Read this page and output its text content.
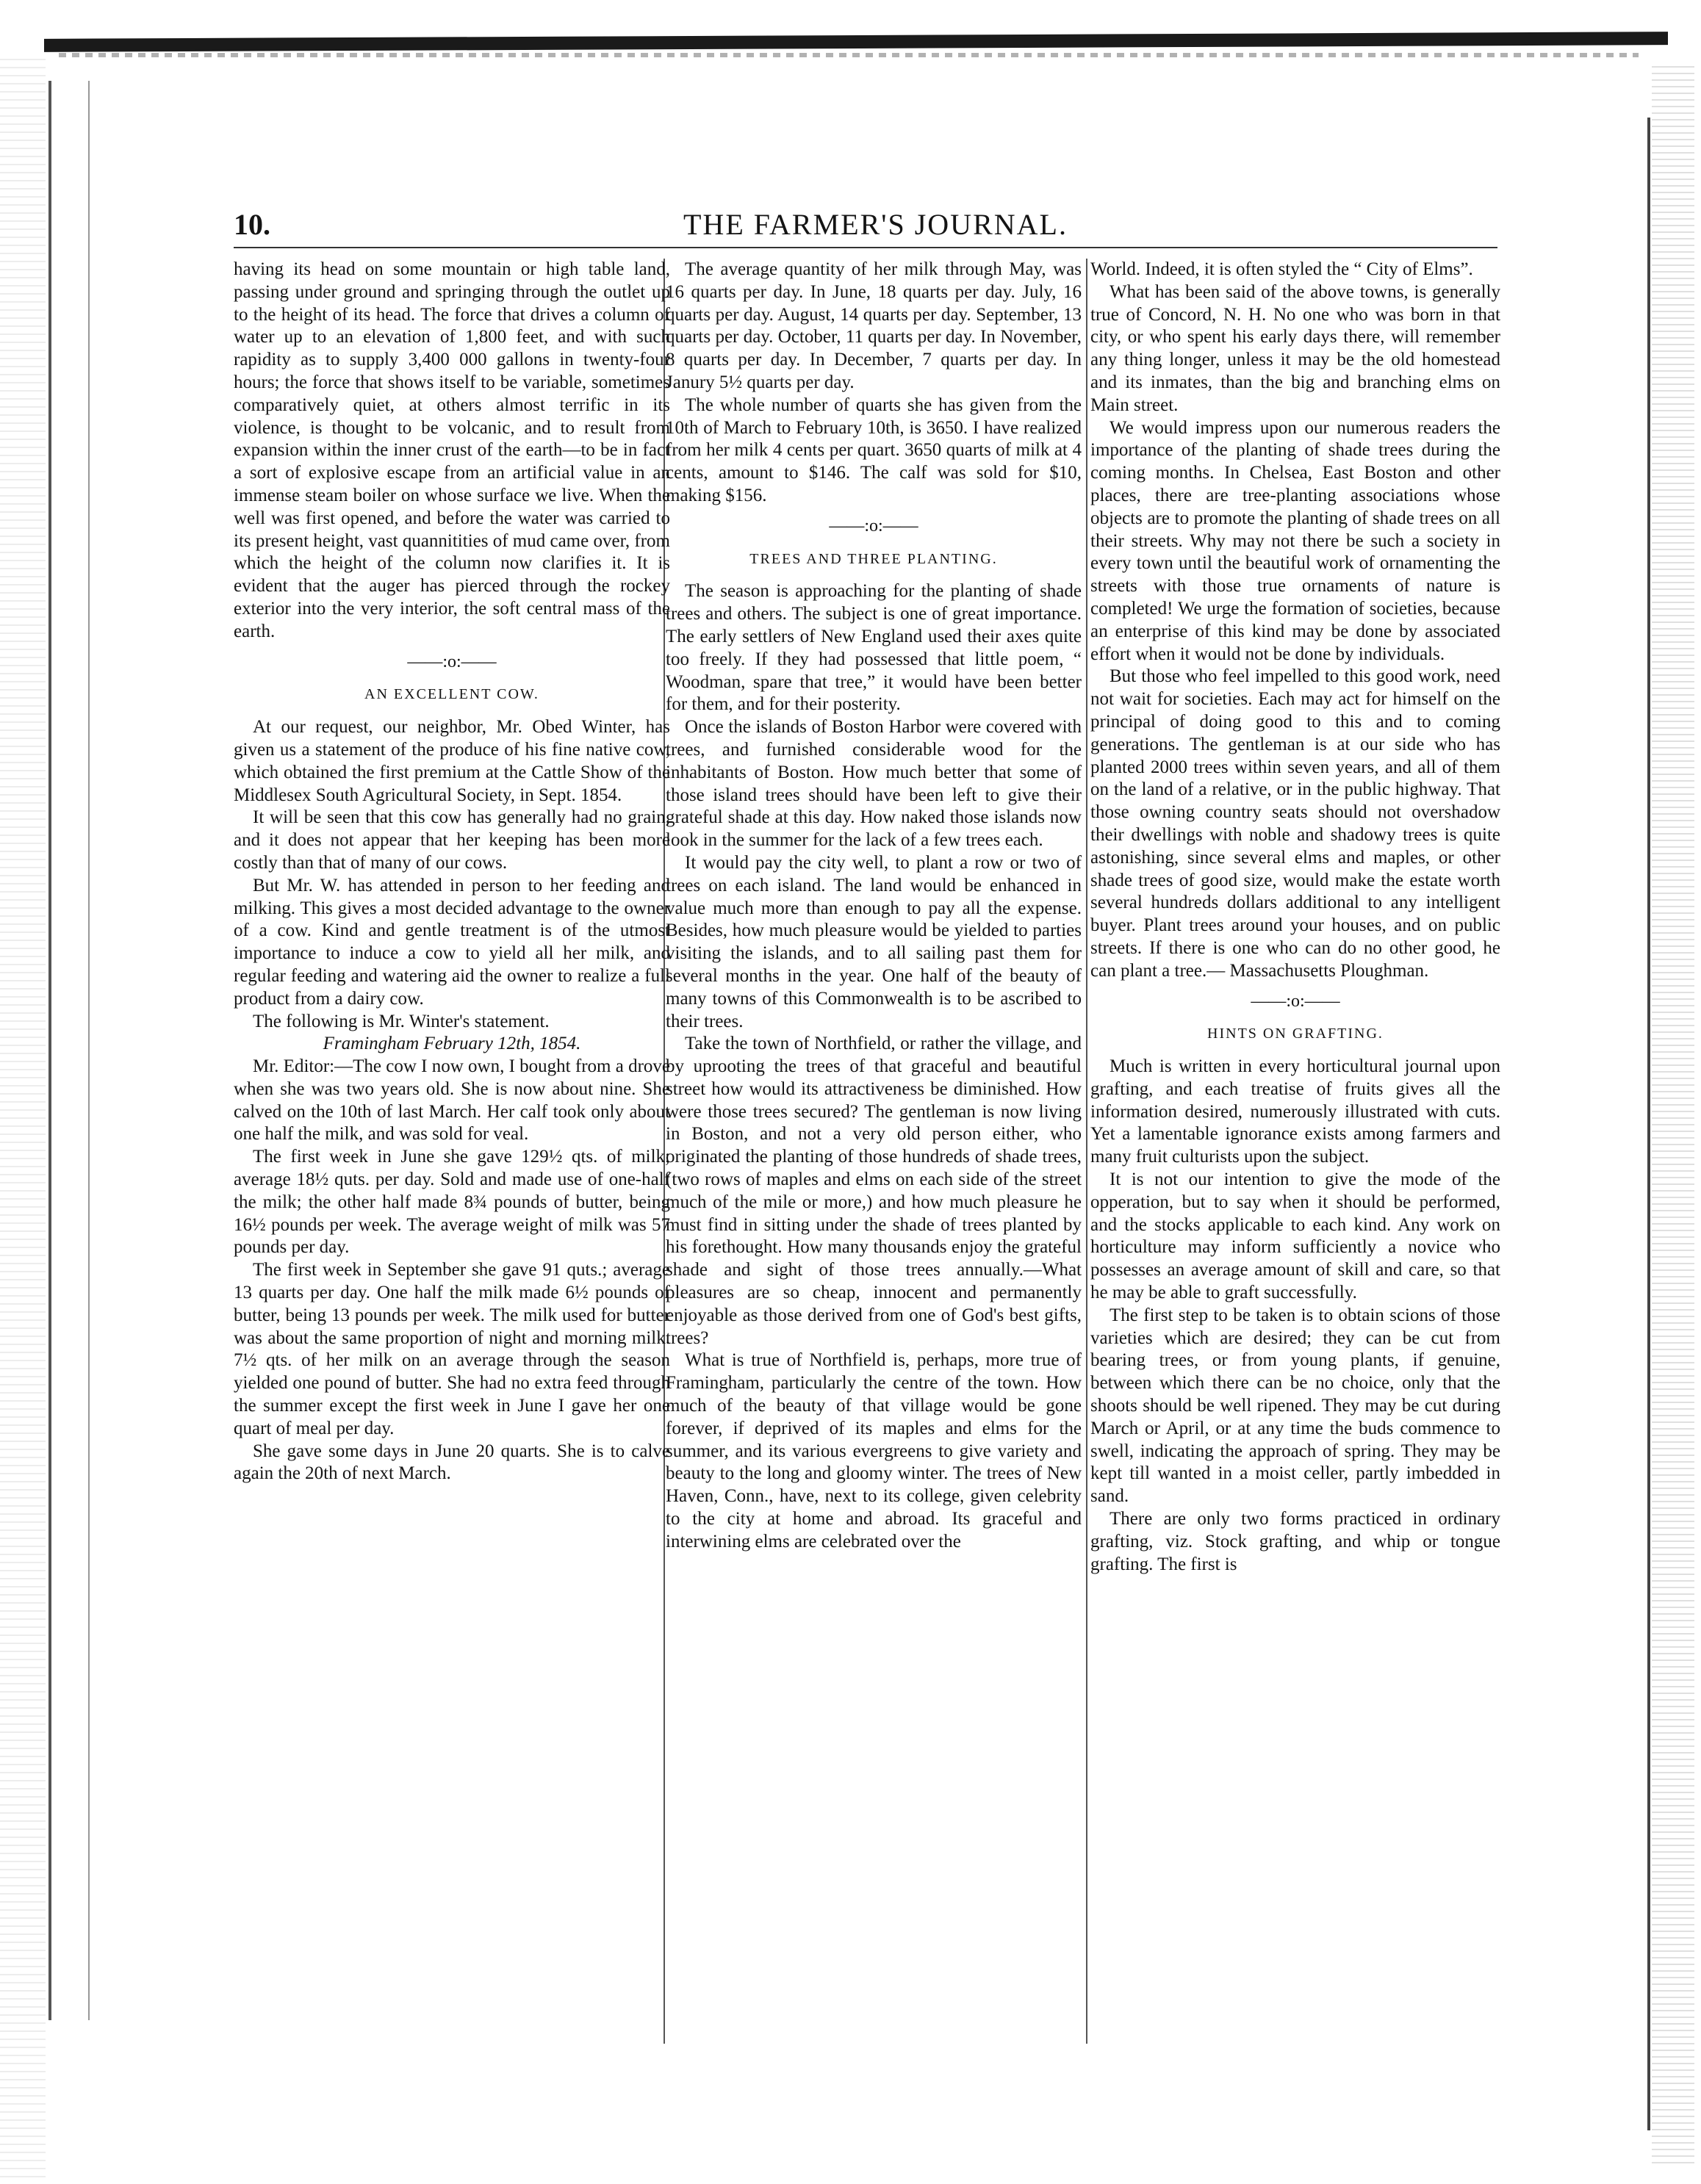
10.	THE FARMER'S JOURNAL.

having its head on some mountain or high table land, passing under ground and springing through the outlet up to the height of its head. The force that drives a column of water up to an elevation of 1,800 feet, and with such rapidity as to supply 3,400 000 gallons in twenty-four hours; the force that shows itself to be variable, sometimes comparatively quiet, at others almost terrific in its violence, is thought to be volcanic, and to result from expansion within the inner crust of the earth—to be in fact a sort of explosive escape from an artificial value in an immense steam boiler on whose surface we live. When the well was first opened, and before the water was carried to its present height, vast quannitities of mud came over, from which the height of the column now clarifies it. It is evident that the auger has pierced through the rockey exterior into the very interior, the soft central mass of the earth.

——:o:——
AN EXCELLENT COW.

At our request, our neighbor, Mr. Obed Winter, has given us a statement of the produce of his fine native cow, which obtained the first premium at the Cattle Show of the Middlesex South Agricultural Society, in Sept. 1854.

It will be seen that this cow has generally had no grain, and it does not appear that her keeping has been more costly than that of many of our cows.

But Mr. W. has attended in person to her feeding and milking. This gives a most decided advantage to the owner of a cow. Kind and gentle treatment is of the utmost importance to induce a cow to yield all her milk, and regular feeding and watering aid the owner to realize a full product from a dairy cow.

The following is Mr. Winter's statement.

Framingham February 12th, 1854.

Mr. Editor:—The cow I now own, I bought from a drove when she was two years old. She is now about nine. She calved on the 10th of last March. Her calf took only about one half the milk, and was sold for veal.

The first week in June she gave 129½ qts. of milk; average 18½ quts. per day. Sold and made use of one-half the milk; the other half made 8¾ pounds of butter, being 16½ pounds per week. The average weight of milk was 57 pounds per day.

The first week in September she gave 91 quts.; average 13 quarts per day. One half the milk made 6½ pounds of butter, being 13 pounds per week. The milk used for butter was about the same proportion of night and morning milk. 7½ qts. of her milk on an average through the season yielded one pound of butter. She had no extra feed through the summer except the first week in June I gave her one quart of meal per day.

She gave some days in June 20 quarts. She is to calve again the 20th of next March.

The average quantity of her milk through May, was 16 quarts per day. In June, 18 quarts per day. July, 16 quarts per day. August, 14 quarts per day. September, 13 quarts per day. October, 11 quarts per day. In November, 8 quarts per day. In December, 7 quarts per day. In Janury 5½ quarts per day.

The whole number of quarts she has given from the 10th of March to February 10th, is 3650. I have realized from her milk 4 cents per quart. 3650 quarts of milk at 4 cents, amount to $146. The calf was sold for $10, making $156.

——:o:——
TREES AND THREE PLANTING.

The season is approaching for the planting of shade trees and others. The subject is one of great importance. The early settlers of New England used their axes quite too freely. If they had possessed that little poem, “ Woodman, spare that tree,” it would have been better for them, and for their posterity.

Once the islands of Boston Harbor were covered with trees, and furnished considerable wood for the inhabitants of Boston. How much better that some of those island trees should have been left to give their grateful shade at this day. How naked those islands now look in the summer for the lack of a few trees each.

It would pay the city well, to plant a row or two of trees on each island. The land would be enhanced in value much more than enough to pay all the expense. Besides, how much pleasure would be yielded to parties visiting the islands, and to all sailing past them for several months in the year. One half of the beauty of many towns of this Commonwealth is to be ascribed to their trees.

Take the town of Northfield, or rather the village, and by uprooting the trees of that graceful and beautiful street how would its attractiveness be diminished. How were those trees secured? The gentleman is now living in Boston, and not a very old person either, who originated the planting of those hundreds of shade trees, (two rows of maples and elms on each side of the street much of the mile or more,) and how much pleasure he must find in sitting under the shade of trees planted by his forethought. How many thousands enjoy the grateful shade and sight of those trees annually.—What pleasures are so cheap, innocent and permanently enjoyable as those derived from one of God's best gifts, trees?

What is true of Northfield is, perhaps, more true of Framingham, particularly the centre of the town. How much of the beauty of that village would be gone forever, if deprived of its maples and elms for the summer, and its various evergreens to give variety and beauty to the long and gloomy winter. The trees of New Haven, Conn., have, next to its college, given celebrity to the city at home and abroad. Its graceful and interwining elms are celebrated over the

World. Indeed, it is often styled the “ City of Elms”.

What has been said of the above towns, is generally true of Concord, N. H. No one who was born in that city, or who spent his early days there, will remember any thing longer, unless it may be the old homestead and its inmates, than the big and branching elms on Main street.

We would impress upon our numerous readers the importance of the planting of shade trees during the coming months. In Chelsea, East Boston and other places, there are tree-planting associations whose objects are to promote the planting of shade trees on all their streets. Why may not there be such a society in every town until the beautiful work of ornamenting the streets with those true ornaments of nature is completed! We urge the formation of societies, because an enterprise of this kind may be done by associated effort when it would not be done by individuals.

But those who feel impelled to this good work, need not wait for societies. Each may act for himself on the principal of doing good to this and to coming generations. The gentleman is at our side who has planted 2000 trees within seven years, and all of them on the land of a relative, or in the public highway. That those owning country seats should not overshadow their dwellings with noble and shadowy trees is quite astonishing, since several elms and maples, or other shade trees of good size, would make the estate worth several hundreds dollars additional to any intelligent buyer. Plant trees around your houses, and on public streets. If there is one who can do no other good, he can plant a tree.— Massachusetts Ploughman.

——:o:——
HINTS ON GRAFTING.

Much is written in every horticultural journal upon grafting, and each treatise of fruits gives all the information desired, numerously illustrated with cuts. Yet a lamentable ignorance exists among farmers and many fruit culturists upon the subject.

It is not our intention to give the mode of the opperation, but to say when it should be performed, and the stocks applicable to each kind. Any work on horticulture may inform sufficiently a novice who possesses an average amount of skill and care, so that he may be able to graft successfully.

The first step to be taken is to obtain scions of those varieties which are desired; they can be cut from bearing trees, or from young plants, if genuine, between which there can be no choice, only that the shoots should be well ripened. They may be cut during March or April, or at any time the buds commence to swell, indicating the approach of spring. They may be kept till wanted in a moist celler, partly imbedded in sand.

There are only two forms practiced in ordinary grafting, viz. Stock grafting, and whip or tongue grafting. The first is
